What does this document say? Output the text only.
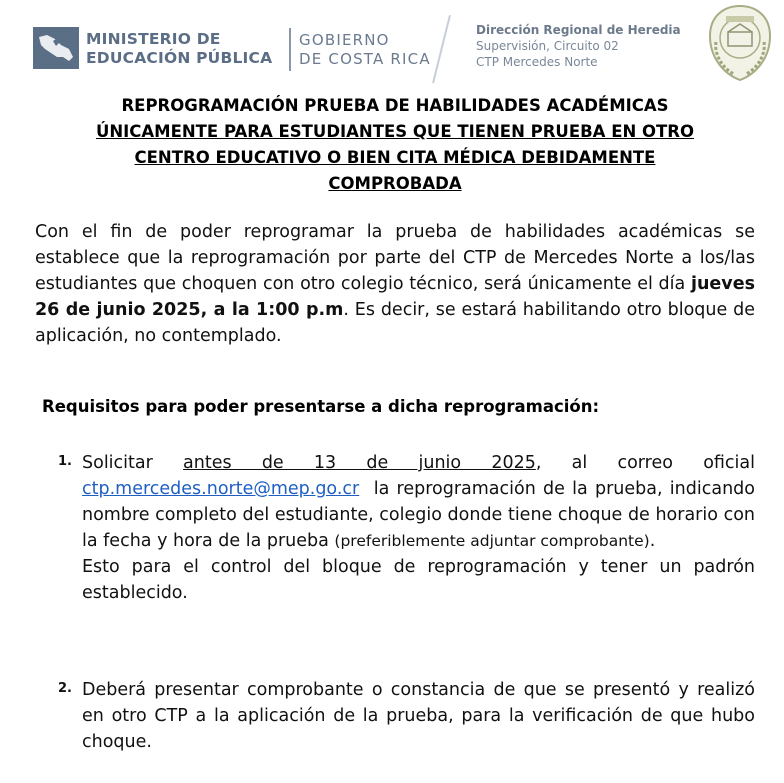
MINISTERIO DE
EDUCACIÓN PÚBLICA
GOBIERNO
DE COSTA RICA
Dirección Regional de Heredia
Supervisión, Circuito 02
CTP Mercedes Norte
REPROGRAMACIÓN PRUEBA DE HABILIDADES ACADÉMICAS
ÚNICAMENTE PARA ESTUDIANTES QUE TIENEN PRUEBA EN OTRO
CENTRO EDUCATIVO O BIEN CITA MÉDICA DEBIDAMENTE
COMPROBADA
Con el fin de poder reprogramar la prueba de habilidades académicas se establece que la reprogramación por parte del CTP de Mercedes Norte a los/las estudiantes que choquen con otro colegio técnico, será únicamente el día jueves 26 de junio 2025, a la 1:00 p.m. Es decir, se estará habilitando otro bloque de aplicación, no contemplado.
Requisitos para poder presentarse a dicha reprogramación:
1. Solicitar antes de 13 de junio 2025, al correo oficial ctp.mercedes.norte@mep.go.cr  la reprogramación de la prueba, indicando nombre completo del estudiante, colegio donde tiene choque de horario con la fecha y hora de la prueba (preferiblemente adjuntar comprobante).
Esto para el control del bloque de reprogramación y tener un padrón establecido.
2. Deberá presentar comprobante o constancia de que se presentó y realizó en otro CTP a la aplicación de la prueba, para la verificación de que hubo choque.
